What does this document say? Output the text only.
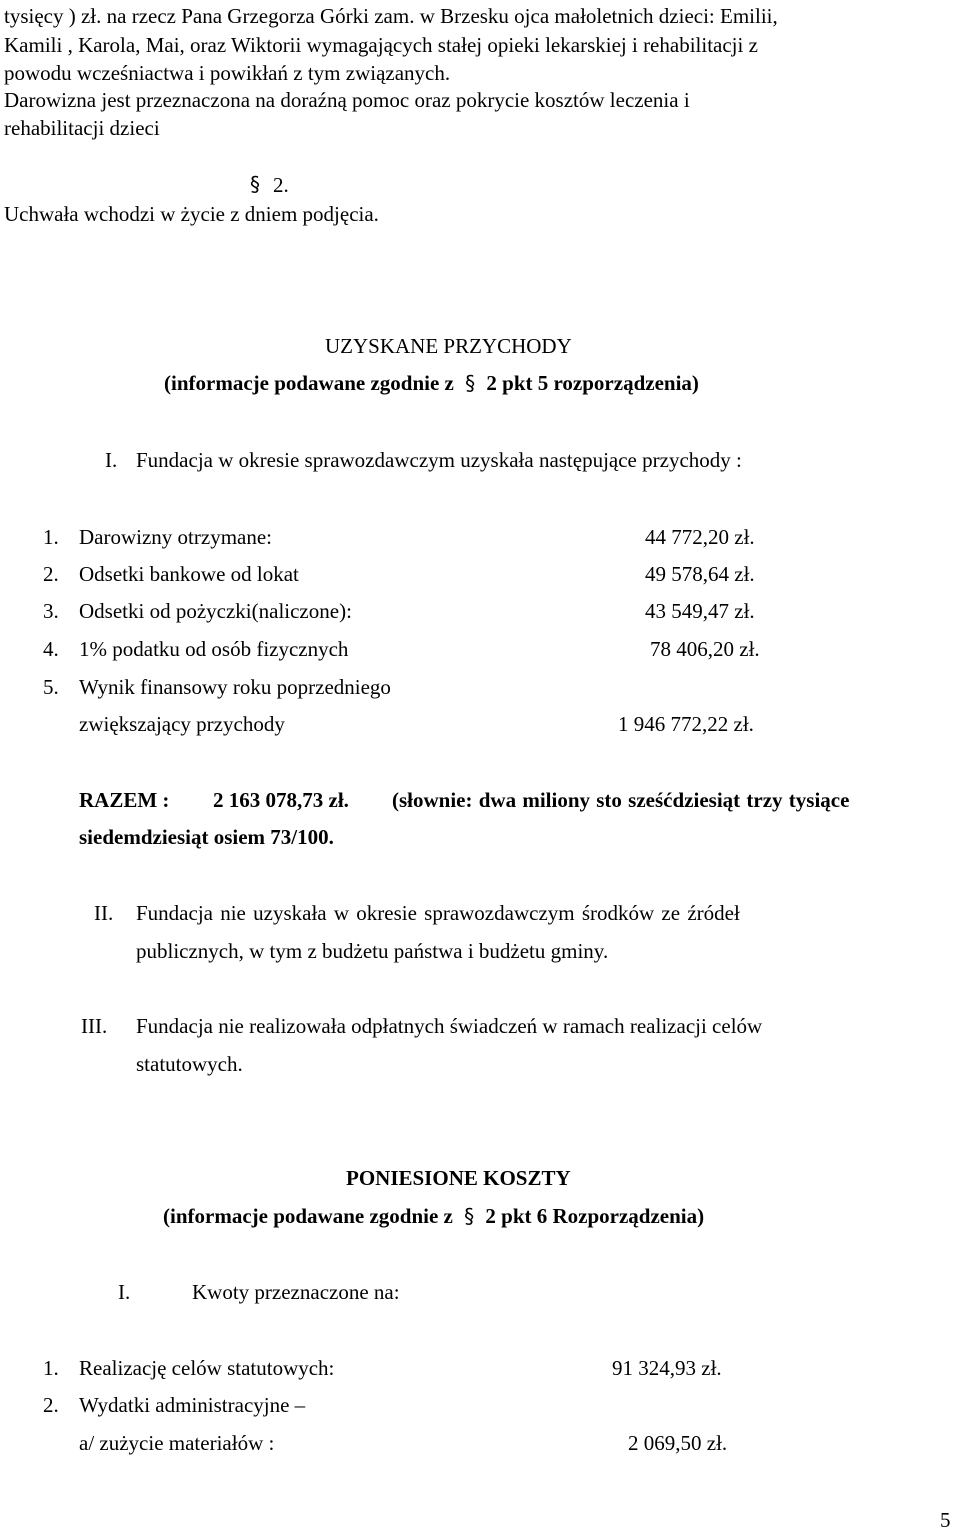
tysięcy ) zł. na rzecz Pana Grzegorza Górki zam. w Brzesku ojca małoletnich dzieci: Emilii,
Kamili , Karola, Mai, oraz Wiktorii wymagających stałej opieki lekarskiej i rehabilitacji z
powodu wcześniactwa i powikłań z tym związanych.
Darowizna jest przeznaczona na doraźną pomoc oraz pokrycie kosztów leczenia i
rehabilitacji dzieci
§ 2.
Uchwała wchodzi w życie z dniem podjęcia.
UZYSKANE PRZYCHODY
(informacje podawane zgodnie z § 2 pkt 5 rozporządzenia)
I. Fundacja w okresie sprawozdawczym uzyskała następujące przychody :
1. Darowizny otrzymane:	44 772,20 zł.
2. Odsetki bankowe od lokat	49 578,64 zł.
3. Odsetki od pożyczki(naliczone):	43 549,47 zł.
4. 1% podatku od osób fizycznych	78 406,20 zł.
5. Wynik finansowy roku poprzedniego
zwiększający przychody	1 946 772,22 zł.
RAZEM : 2 163 078,73 zł. (słownie: dwa miliony sto sześćdziesiąt trzy tysiące
siedemdziesiąt osiem 73/100.
II. Fundacja nie uzyskała w okresie sprawozdawczym środków ze źródeł
publicznych, w tym z budżetu państwa i budżetu gminy.
III. Fundacja nie realizowała odpłatnych świadczeń w ramach realizacji celów
statutowych.
PONIESIONE KOSZTY
(informacje podawane zgodnie z § 2 pkt 6 Rozporządzenia)
I.	Kwoty przeznaczone na:
1. Realizację celów statutowych:	91 324,93 zł.
2. Wydatki administracyjne –
a/ zużycie materiałów :	2 069,50 zł.
5
